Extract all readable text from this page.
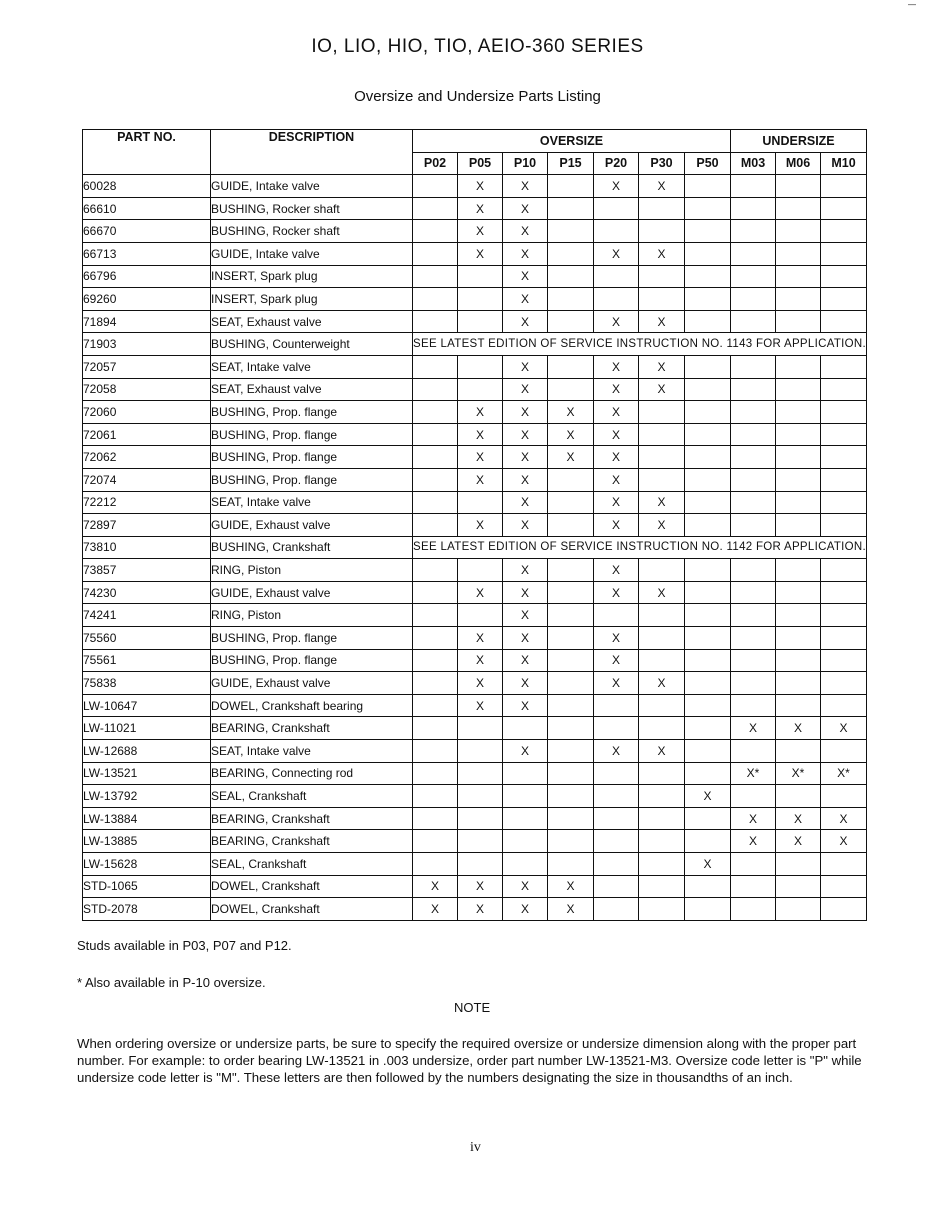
—
IO, LIO, HIO, TIO, AEIO-360 SERIES
Oversize and Undersize Parts Listing
PART NO.	DESCRIPTION	OVERSIZE							UNDERSIZE		
		P02	P05	P10	P15	P20	P30	P50	M03	M06	M10
60028	GUIDE, Intake valve		X	X		X	X				
66610	BUSHING, Rocker shaft		X	X							
66670	BUSHING, Rocker shaft		X	X							
66713	GUIDE, Intake valve		X	X		X	X				
66796	INSERT, Spark plug			X							
69260	INSERT, Spark plug			X							
71894	SEAT, Exhaust valve			X		X	X				
71903	BUSHING, Counterweight	SEE LATEST EDITION OF SERVICE INSTRUCTION NO. 1143 FOR APPLICATION.									
72057	SEAT, Intake valve			X		X	X				
72058	SEAT, Exhaust valve			X		X	X				
72060	BUSHING, Prop. flange		X	X	X	X					
72061	BUSHING, Prop. flange		X	X	X	X					
72062	BUSHING, Prop. flange		X	X	X	X					
72074	BUSHING, Prop. flange		X	X		X					
72212	SEAT, Intake valve			X		X	X				
72897	GUIDE, Exhaust valve		X	X		X	X				
73810	BUSHING, Crankshaft	SEE LATEST EDITION OF SERVICE INSTRUCTION NO. 1142 FOR APPLICATION.									
73857	RING, Piston			X		X					
74230	GUIDE, Exhaust valve		X	X		X	X				
74241	RING, Piston			X							
75560	BUSHING, Prop. flange		X	X		X					
75561	BUSHING, Prop. flange		X	X		X					
75838	GUIDE, Exhaust valve		X	X		X	X				
LW-10647	DOWEL, Crankshaft bearing		X	X							
LW-11021	BEARING, Crankshaft								X	X	X
LW-12688	SEAT, Intake valve			X		X	X				
LW-13521	BEARING, Connecting rod								X*	X*	X*
LW-13792	SEAL, Crankshaft							X			
LW-13884	BEARING, Crankshaft								X	X	X
LW-13885	BEARING, Crankshaft								X	X	X
LW-15628	SEAL, Crankshaft							X			
STD-1065	DOWEL, Crankshaft	X	X	X	X						
STD-2078	DOWEL, Crankshaft	X	X	X	X						
Studs available in P03, P07 and P12.
* Also available in P-10 oversize.
NOTE
When ordering oversize or undersize parts, be sure to specify the required oversize or undersize dimension along with the proper part number. For example: to order bearing LW-13521 in .003 undersize, order part number LW-13521-M3. Oversize code letter is "P" while undersize code letter is "M". These letters are then followed by the numbers designating the size in thousandths of an inch.
iv
